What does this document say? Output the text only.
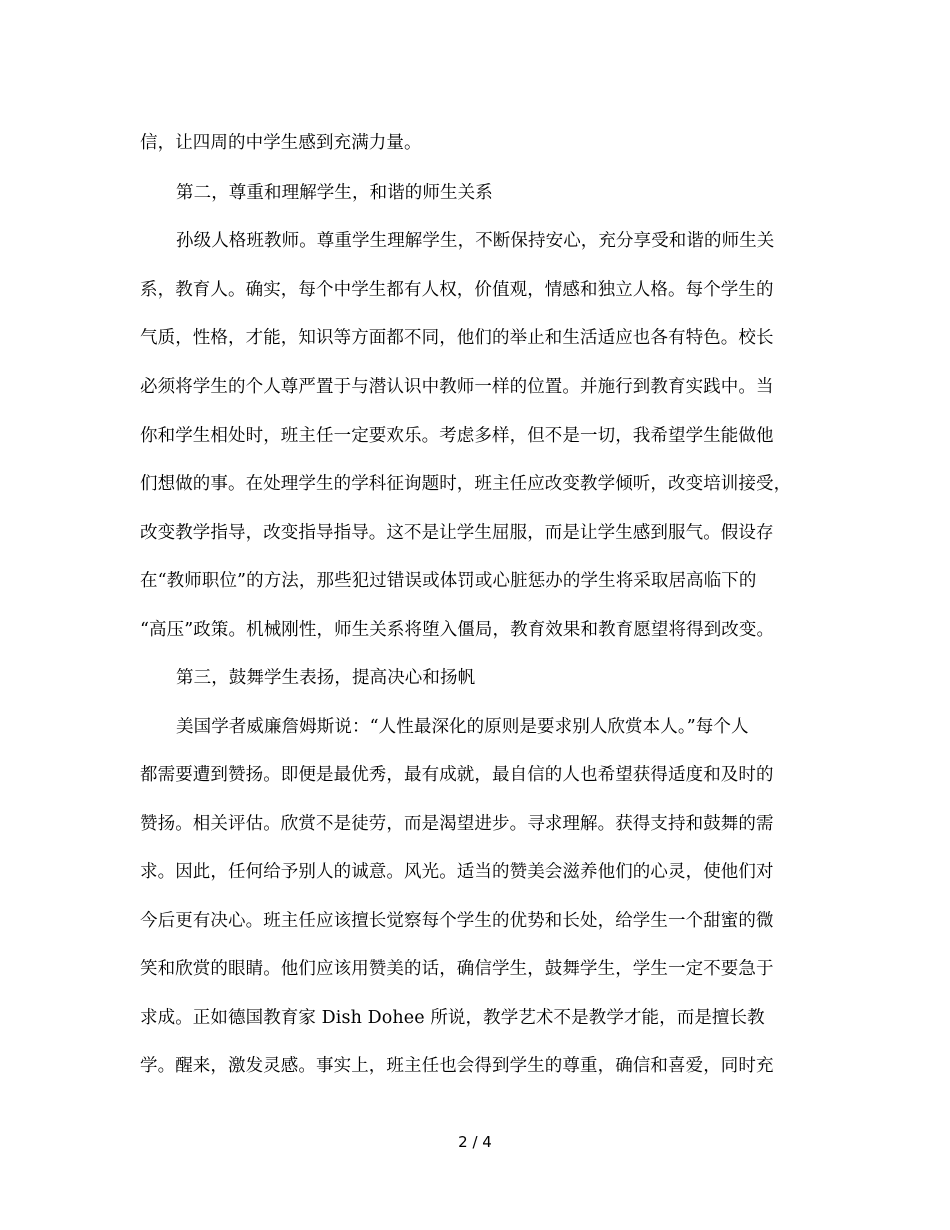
信，让四周的中学生感到充满力量。
第二，尊重和理解学生，和谐的师生关系
孙级人格班教师。尊重学生理解学生，不断保持安心，充分享受和谐的师生关
系，教育人。确实，每个中学生都有人权，价值观，情感和独立人格。每个学生的
气质，性格，才能，知识等方面都不同，他们的举止和生活适应也各有特色。校长
必须将学生的个人尊严置于与潜认识中教师一样的位置。并施行到教育实践中。当
你和学生相处时，班主任一定要欢乐。考虑多样，但不是一切，我希望学生能做他
们想做的事。在处理学生的学科征询题时，班主任应改变教学倾听，改变培训接受，
改变教学指导，改变指导指导。这不是让学生屈服，而是让学生感到服气。假设存
在“教师职位”的方法，那些犯过错误或体罚或心脏惩办的学生将采取居高临下的
“高压”政策。机械刚性，师生关系将堕入僵局，教育效果和教育愿望将得到改变。
第三，鼓舞学生表扬，提高决心和扬帆
美国学者威廉詹姆斯说：“人性最深化的原则是要求别人欣赏本人。”每个人
都需要遭到赞扬。即便是最优秀，最有成就，最自信的人也希望获得适度和及时的
赞扬。相关评估。欣赏不是徒劳，而是渴望进步。寻求理解。获得支持和鼓舞的需
求。因此，任何给予别人的诚意。风光。适当的赞美会滋养他们的心灵，使他们对
今后更有决心。班主任应该擅长觉察每个学生的优势和长处，给学生一个甜蜜的微
笑和欣赏的眼睛。他们应该用赞美的话，确信学生，鼓舞学生，学生一定不要急于
求成。正如德国教育家 Dish Dohee 所说，教学艺术不是教学才能，而是擅长教
学。醒来，激发灵感。事实上，班主任也会得到学生的尊重，确信和喜爱，同时充
2 / 4
